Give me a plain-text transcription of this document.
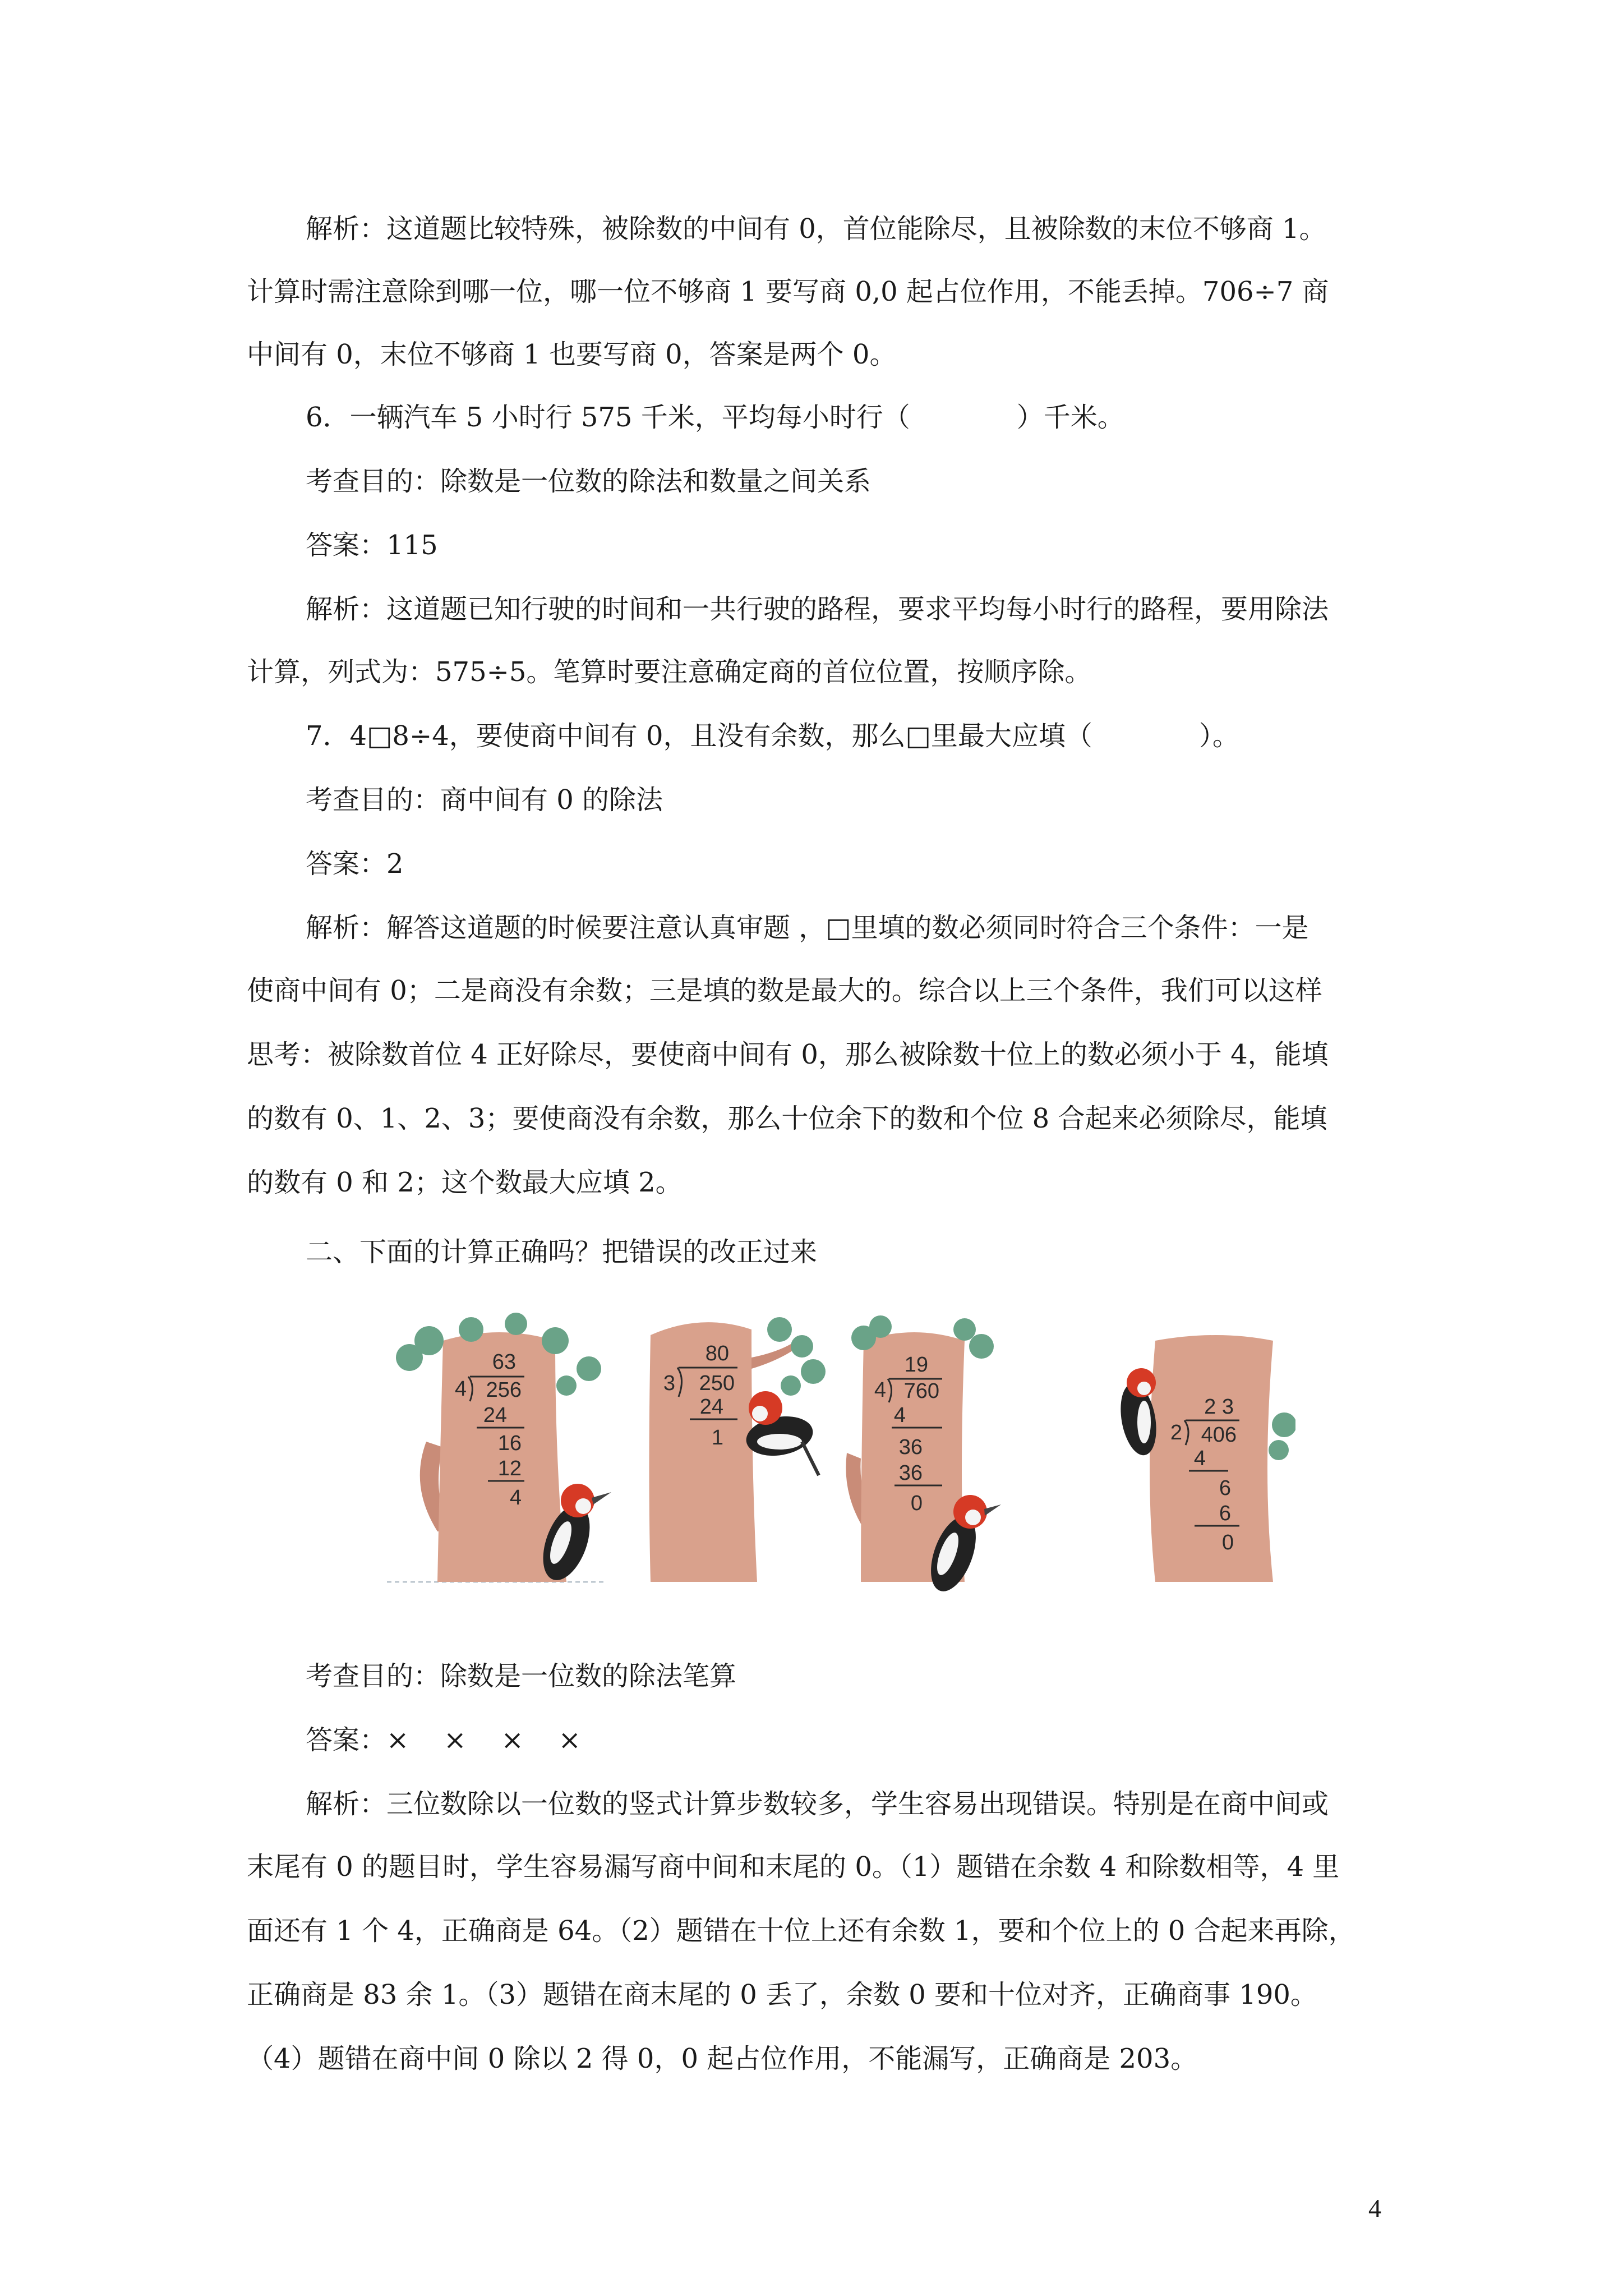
解析：这道题比较特殊，被除数的中间有 0，首位能除尽，且被除数的末位不够商 1。
计算时需注意除到哪一位，哪一位不够商 1 要写商 0,0 起占位作用，不能丢掉。706÷7 商
中间有 0，末位不够商 1 也要写商 0，答案是两个 0。
6．一辆汽车 5 小时行 575 千米，平均每小时行（	）千米。
考查目的：除数是一位数的除法和数量之间关系
答案：115
解析：这道题已知行驶的时间和一共行驶的路程，要求平均每小时行的路程，要用除法
计算，列式为：575÷5。笔算时要注意确定商的首位位置，按顺序除。
7．4□8÷4，要使商中间有 0，且没有余数，那么□里最大应填（	）。
考查目的：商中间有 0 的除法
答案：2
解析：解答这道题的时候要注意认真审题 ，□里填的数必须同时符合三个条件：一是
使商中间有 0；二是商没有余数；三是填的数是最大的。综合以上三个条件，我们可以这样
思考：被除数首位 4 正好除尽，要使商中间有 0，那么被除数十位上的数必须小于 4，能填
的数有 0、1、2、3；要使商没有余数，那么十位余下的数和个位 8 合起来必须除尽，能填
的数有 0 和 2；这个数最大应填 2。
二、下面的计算正确吗？把错误的改正过来
63
4 256
24
16
12
4
80
3 250
24
1
19
4 760
4
36
36
0
2 3
2 406
4
6
6
0
考查目的：除数是一位数的除法笔算
答案：× × × ×
解析：三位数除以一位数的竖式计算步数较多，学生容易出现错误。特别是在商中间或
末尾有 0 的题目时，学生容易漏写商中间和末尾的 0。（1）题错在余数 4 和除数相等，4 里
面还有 1 个 4，正确商是 64。（2）题错在十位上还有余数 1，要和个位上的 0 合起来再除，
正确商是 83 余 1。（3）题错在商末尾的 0 丢了，余数 0 要和十位对齐，正确商事 190。
（4）题错在商中间 0 除以 2 得 0，0 起占位作用，不能漏写，正确商是 203。
4
